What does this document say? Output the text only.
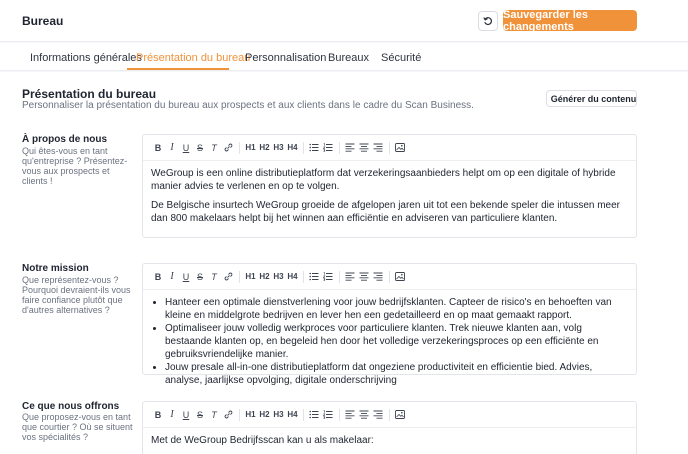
Bureau	Sauvegarder les changements
Informations générales
Présentation du bureau
Personnalisation Bureaux Sécurité
Présentation du bureau
Personnaliser la présentation du bureau aux prospects et aux clients dans le cadre du Scan Business.
Générer du contenu
À propos de nous
Qui êtes-vous en tant qu'entreprise ? Présentez-vous aux prospects et clients !
B I	U S T	H1 H2 H3 H4

WeGroup is een online distributieplatform dat verzekeringsaanbieders helpt om op een digitale of hybride manier advies te verlenen en op te volgen.

De Belgische insurtech WeGroup groeide de afgelopen jaren uit tot een bekende speler die intussen meer dan 800 makelaars helpt bij het winnen aan efficiëntie en adviseren van particuliere klanten.

Notre mission
Que représentez-vous ? Pourquoi devraient-ils vous faire confiance plutôt que d'autres alternatives ?
B I	U S T	H1 H2 H3 H4
• Hanteer een optimale dienstverlening voor jouw bedrijfsklanten. Capteer de risico's en behoeften van kleine en middelgrote bedrijven en lever hen een gedetailleerd en op maat gemaakt rapport.
• Optimaliseer jouw volledig werkproces voor particuliere klanten. Trek nieuwe klanten aan, volg bestaande klanten op, en begeleid hen door het volledige verzekeringsproces op een efficiënte en gebruiksvriendelijke manier.
• Jouw presale all-in-one distributieplatform dat ongeziene productiviteit en efficientie bied. Advies, analyse, jaarlijkse opvolging, digitale onderschrijving
Ce que nous offrons
Que proposez-vous en tant que courtier ? Où se situent vos spécialités ?
B I	U S T	H1 H2 H3 H4

Met de WeGroup Bedrijfsscan kan u als makelaar:
